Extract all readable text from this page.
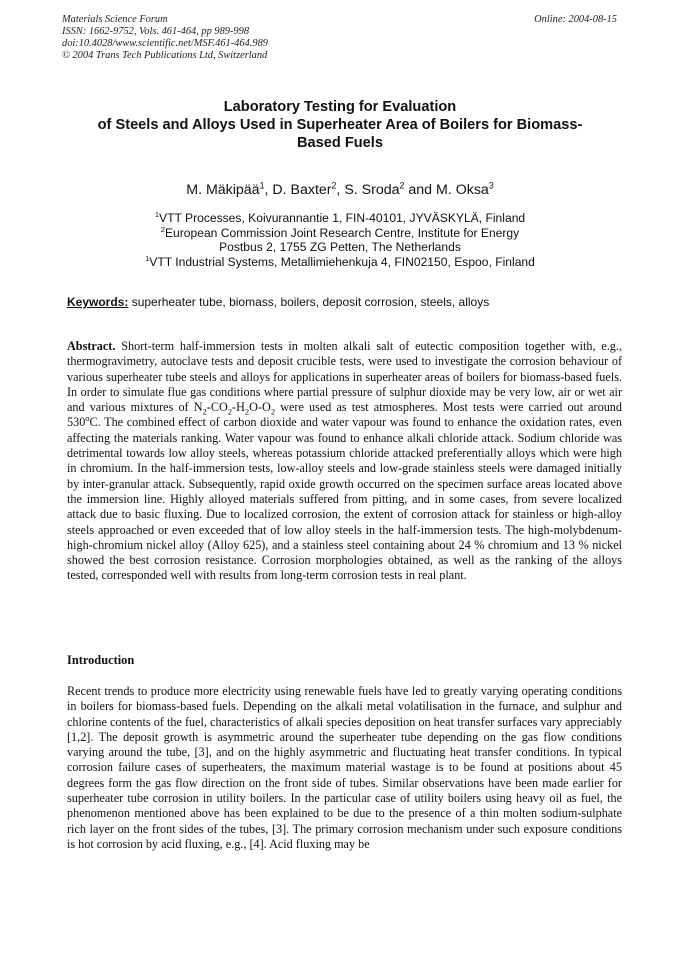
Materials Science Forum
ISSN: 1662-9752, Vols. 461-464, pp 989-998
doi:10.4028/www.scientific.net/MSF.461-464.989
© 2004 Trans Tech Publications Ltd, Switzerland
Online: 2004-08-15
Laboratory Testing for Evaluation
of Steels and Alloys Used in Superheater Area of Boilers for Biomass-
Based Fuels
M. Mäkipää$^1$, D. Baxter$^2$, S. Sroda$^2$ and M. Oksa$^3$
$^1$VTT Processes, Koivurannantie 1, FIN-40101, JYVÄSKYLÄ, Finland
$^2$European Commission Joint Research Centre, Institute for Energy
Postbus 2, 1755 ZG Petten, The Netherlands
$^1$VTT Industrial Systems, Metallimiehenkuja 4, FIN02150, Espoo, Finland
Keywords: superheater tube, biomass, boilers, deposit corrosion, steels, alloys
Abstract. Short-term half-immersion tests in molten alkali salt of eutectic composition together with, e.g., thermogravimetry, autoclave tests and deposit crucible tests, were used to investigate the corrosion behaviour of various superheater tube steels and alloys for applications in superheater areas of boilers for biomass-based fuels. In order to simulate flue gas conditions where partial pressure of sulphur dioxide may be very low, air or wet air and various mixtures of $N_2-CO_2-H_2O-O_2$ were used as test atmospheres. Most tests were carried out around 530$^o$C. The combined effect of carbon dioxide and water vapour was found to enhance the oxidation rates, even affecting the materials ranking. Water vapour was found to enhance alkali chloride attack. Sodium chloride was detrimental towards low alloy steels, whereas potassium chloride attacked preferentially alloys which were high in chromium. In the half-immersion tests, low-alloy steels and low-grade stainless steels were damaged initially by inter-granular attack. Subsequently, rapid oxide growth occurred on the specimen surface areas located above the immersion line. Highly alloyed materials suffered from pitting, and in some cases, from severe localized attack due to basic fluxing. Due to localized corrosion, the extent of corrosion attack for stainless or high-alloy steels approached or even exceeded that of low alloy steels in the half-immersion tests. The high-molybdenum-high-chromium nickel alloy (Alloy 625), and a stainless steel containing about 24 % chromium and 13 % nickel showed the best corrosion resistance. Corrosion morphologies obtained, as well as the ranking of the alloys tested, corresponded well with results from long-term corrosion tests in real plant.
Introduction
Recent trends to produce more electricity using renewable fuels have led to greatly varying operating conditions in boilers for biomass-based fuels. Depending on the alkali metal volatilisation in the furnace, and sulphur and chlorine contents of the fuel, characteristics of alkali species deposition on heat transfer surfaces vary appreciably [1,2]. The deposit growth is asymmetric around the superheater tube depending on the gas flow conditions varying around the tube, [3], and on the highly asymmetric and fluctuating heat transfer conditions. In typical corrosion failure cases of superheaters, the maximum material wastage is to be found at positions about 45 degrees form the gas flow direction on the front side of tubes. Similar observations have been made earlier for superheater tube corrosion in utility boilers. In the particular case of utility boilers using heavy oil as fuel, the phenomenon mentioned above has been explained to be due to the presence of a thin molten sodium-sulphate rich layer on the front sides of the tubes, [3]. The primary corrosion mechanism under such exposure conditions is hot corrosion by acid fluxing, e.g., [4]. Acid fluxing may be
